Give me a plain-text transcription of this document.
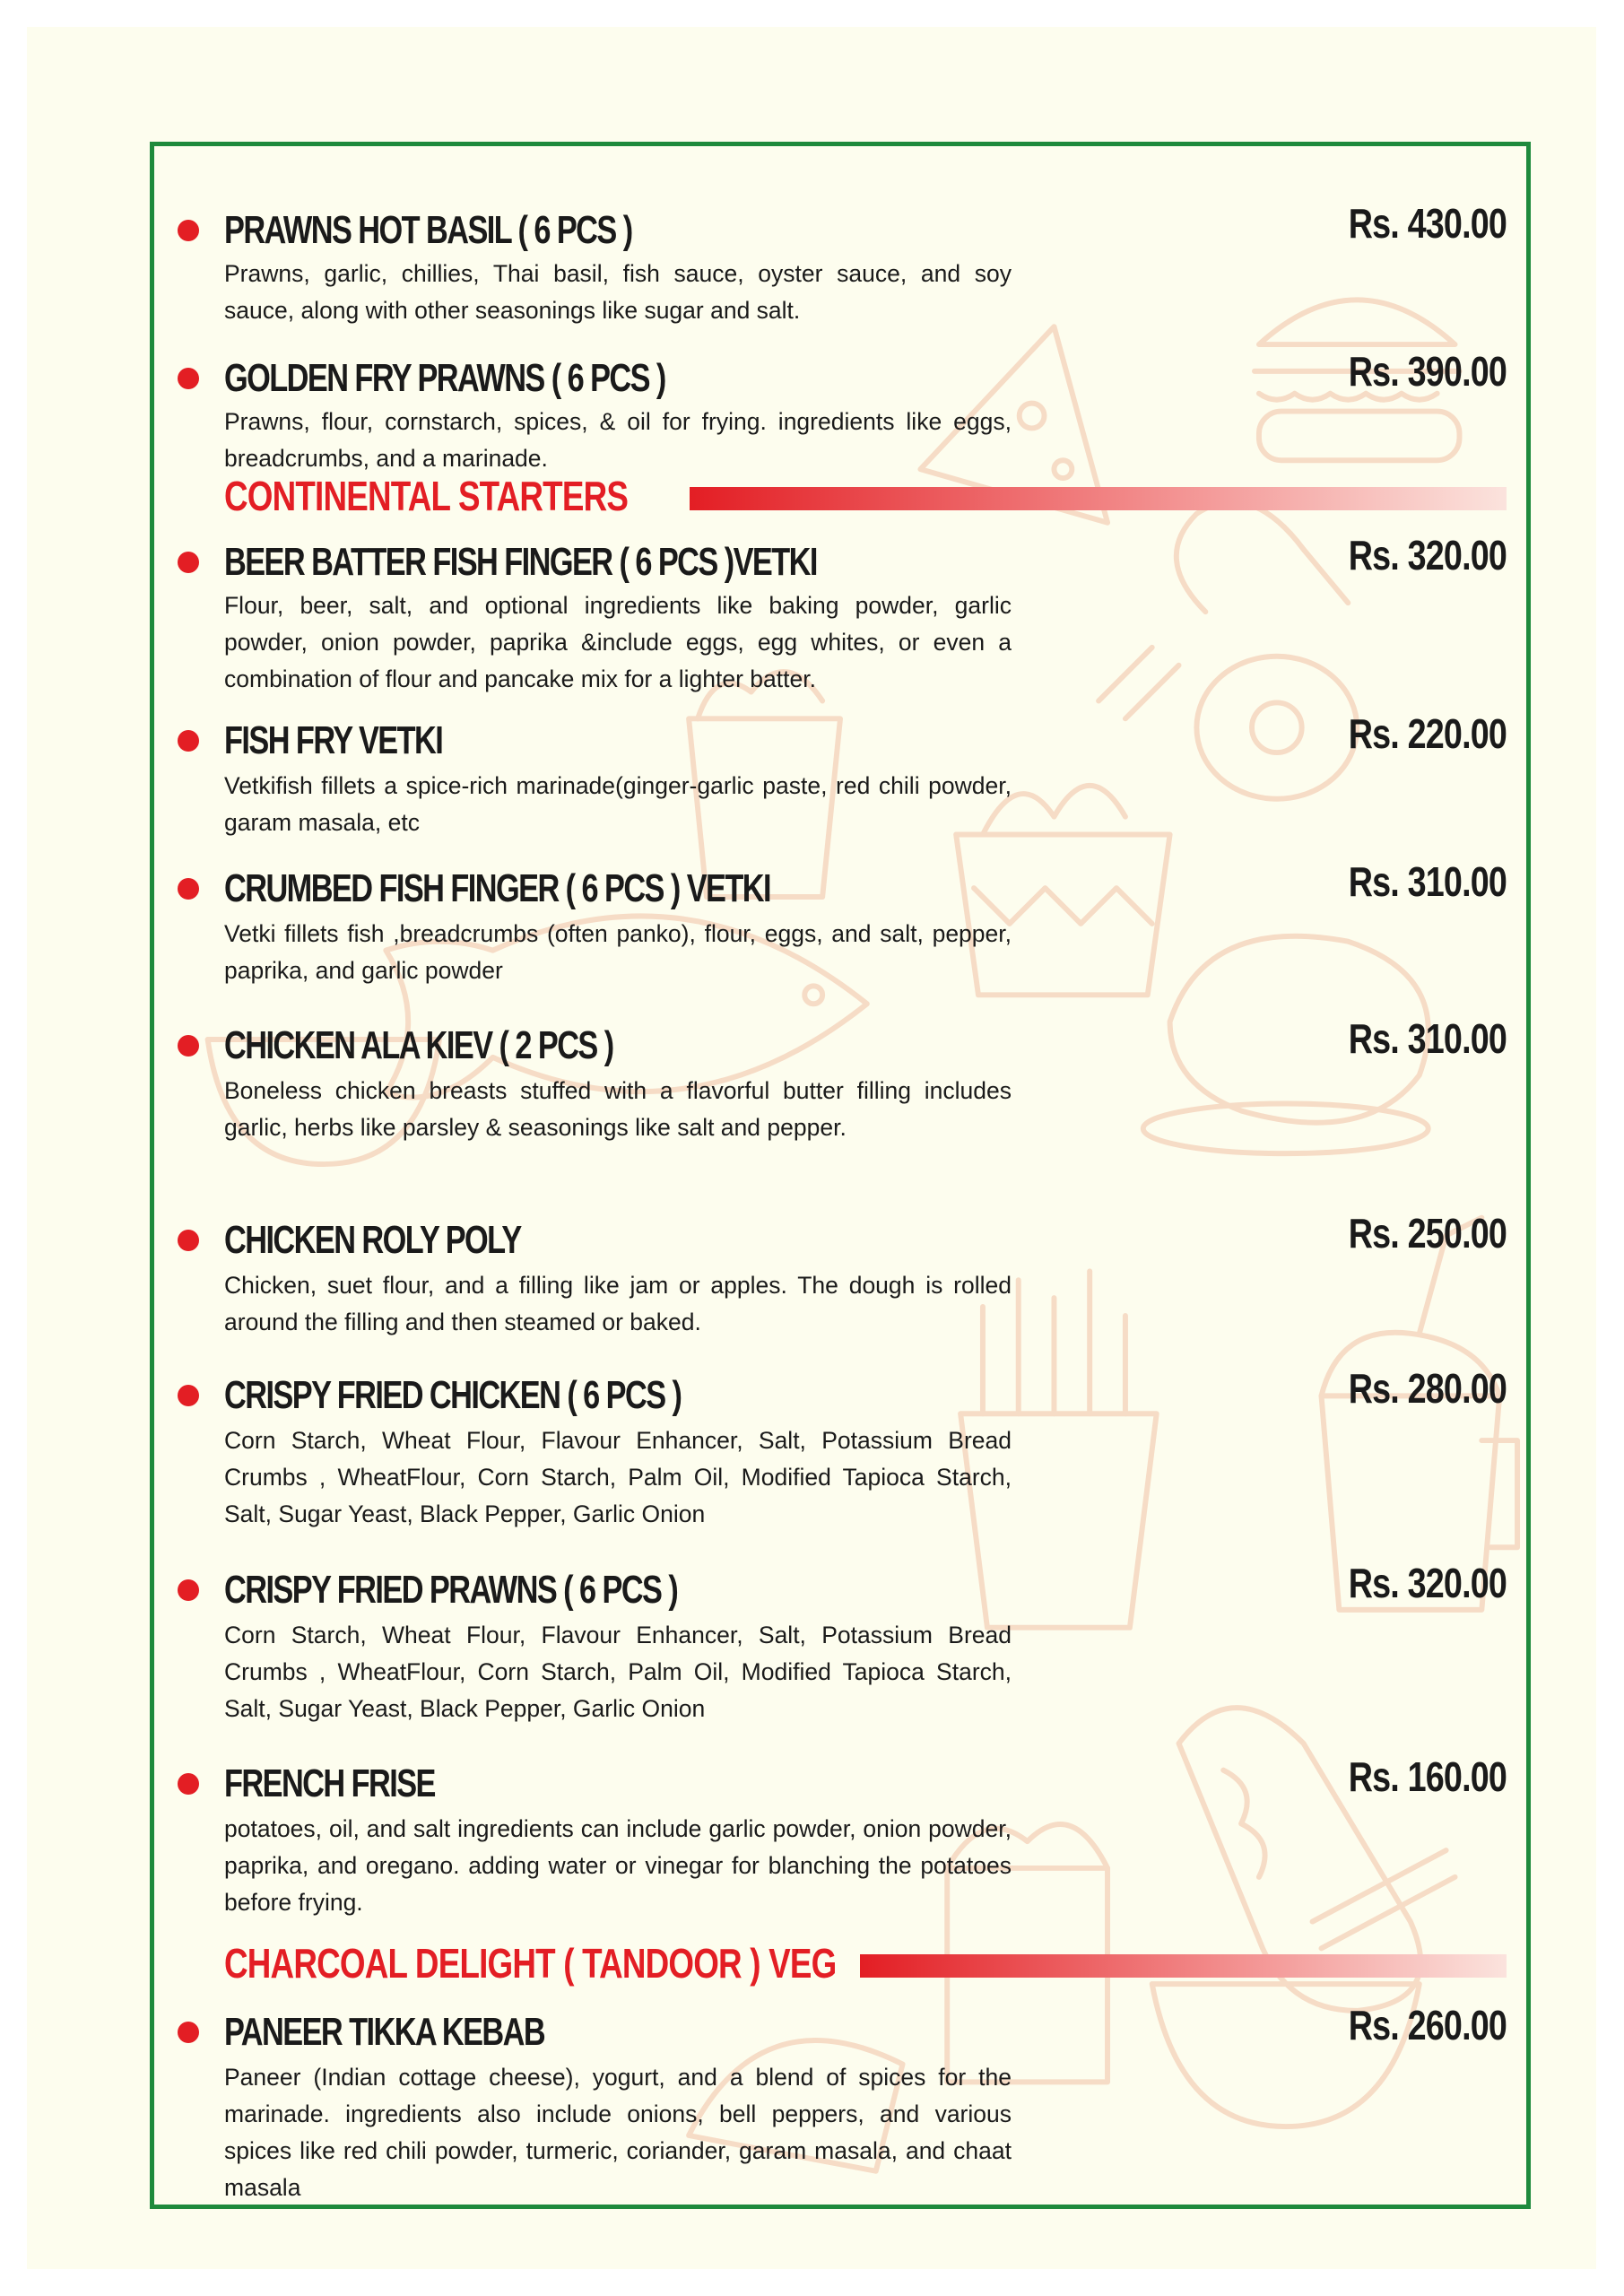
PRAWNS HOT BASIL ( 6 PCS )	Rs. 430.00
Prawns, garlic, chillies, Thai basil, fish sauce, oyster sauce, and soy sauce, along with other seasonings like sugar and salt.
GOLDEN FRY PRAWNS ( 6 PCS )	Rs. 390.00
Prawns, flour, cornstarch, spices, & oil for frying. ingredients like eggs, breadcrumbs, and a marinade.
CONTINENTAL STARTERS
BEER BATTER FISH FINGER ( 6 PCS )VETKI	Rs. 320.00
Flour, beer, salt, and optional ingredients like baking powder, garlic powder, onion powder, paprika &include eggs, egg whites, or even a combination of flour and pancake mix for a lighter batter.
FISH FRY VETKI	Rs. 220.00
Vetkifish fillets a spice-rich marinade(ginger-garlic paste, red chili powder, garam masala, etc
CRUMBED FISH FINGER ( 6 PCS ) VETKI	Rs. 310.00
Vetki fillets fish ,breadcrumbs (often panko), flour, eggs, and salt, pepper, paprika, and garlic powder
CHICKEN ALA KIEV ( 2 PCS )	Rs. 310.00
Boneless chicken breasts stuffed with a flavorful butter filling includes garlic, herbs like parsley & seasonings like salt and pepper.
CHICKEN ROLY POLY	Rs. 250.00
Chicken, suet flour, and a filling like jam or apples. The dough is rolled around the filling and then steamed or baked.
CRISPY FRIED CHICKEN ( 6 PCS )	Rs. 280.00
Corn Starch, Wheat Flour, Flavour Enhancer, Salt, Potassium Bread Crumbs , WheatFlour, Corn Starch, Palm Oil, Modified Tapioca Starch, Salt, Sugar Yeast, Black Pepper, Garlic Onion
CRISPY FRIED PRAWNS ( 6 PCS )	Rs. 320.00
Corn Starch, Wheat Flour, Flavour Enhancer, Salt, Potassium Bread Crumbs , WheatFlour, Corn Starch, Palm Oil, Modified Tapioca Starch, Salt, Sugar Yeast, Black Pepper, Garlic Onion
FRENCH FRISE	Rs. 160.00
potatoes, oil, and salt ingredients can include garlic powder, onion powder, paprika, and oregano. adding water or vinegar for blanching the potatoes before frying.
CHARCOAL DELIGHT ( TANDOOR ) VEG
PANEER TIKKA KEBAB	Rs. 260.00
Paneer (Indian cottage cheese), yogurt, and a blend of spices for the marinade. ingredients also include onions, bell peppers, and various spices like red chili powder, turmeric, coriander, garam masala, and chaat masala
